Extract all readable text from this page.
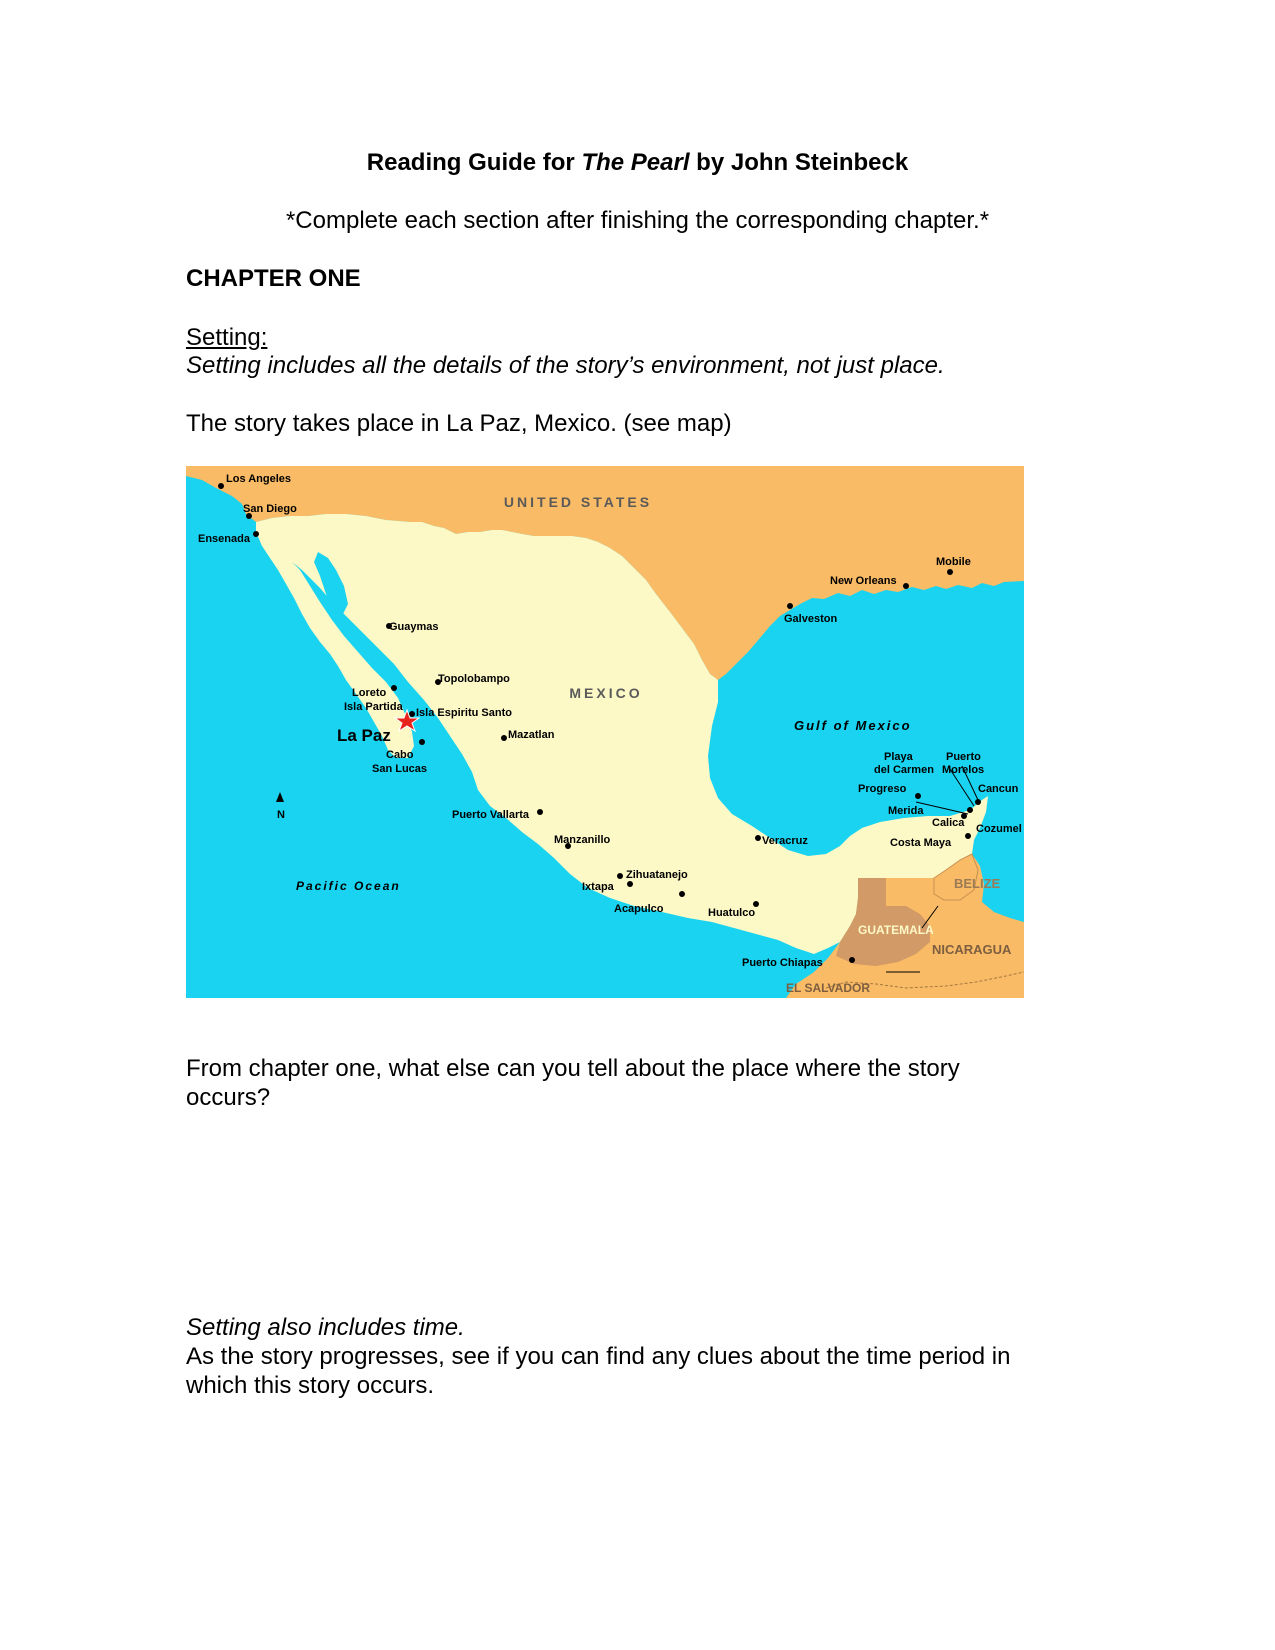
Reading Guide for The Pearl by John Steinbeck
*Complete each section after finishing the corresponding chapter.*
CHAPTER ONE
Setting:
Setting includes all the details of the story’s environment, not just place.
The story takes place in La Paz, Mexico. (see map)
UNITED STATES
MEXICO
BELIZE
GUATEMALA
NICARAGUA
EL SALVADOR
Gulf of Mexico
Pacific Ocean
N
La Paz
Los Angeles
San Diego
Ensenada
Guaymas
Topolobampo
Loreto
Isla Partida Isla Espiritu Santo
Mazatlan
Cabo
San Lucas
Puerto Vallarta
Manzanillo
Zihuatanejo
Ixtapa
Acapulco	Huatulco
Puerto Chiapas
Veracruz
Galveston
New Orleans
Mobile
Playa
del Carmen
Puerto
Morelos
Progreso	Cancun
Merida
Calica Cozumel
Costa Maya
From chapter one, what else can you tell about the place where the story
occurs?
Setting also includes time.
As the story progresses, see if you can find any clues about the time period in
which this story occurs.
